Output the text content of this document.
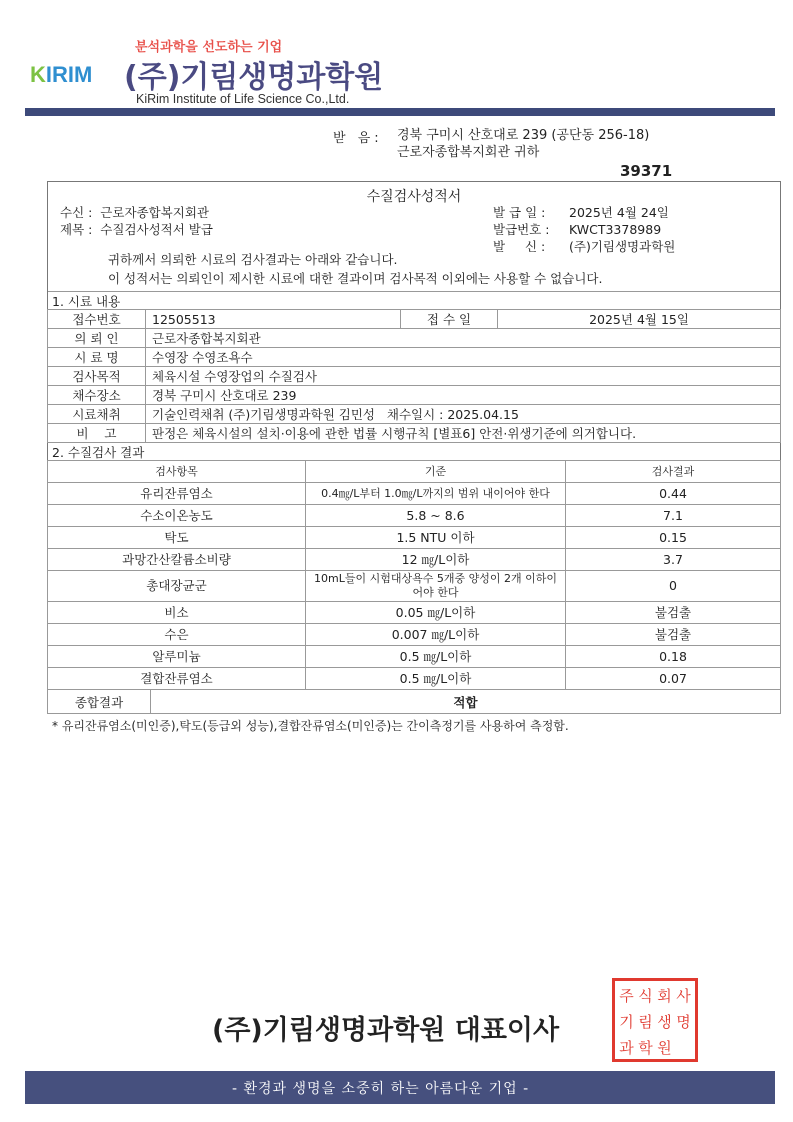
분석과학을 선도하는 기업
KIRIM (주)기림생명과학원
KiRim Institute of Life Science Co.,Ltd.
받 음: 경북 구미시 산호대로 239 (공단동 256-18)
근로자종합복지회관 귀하
39371
수질검사성적서
수신 : 근로자종합복지회관
제목 : 수질검사성적서 발급
발 급 일 : 2025년 4월 24일
발급번호 : KWCT3378989
발     신 : (주)기림생명과학원
귀하께서 의뢰한 시료의 검사결과는 아래와 같습니다.
이 성적서는 의뢰인이 제시한 시료에 대한 결과이며 검사목적 이외에는 사용할 수 없습니다.
1. 시료 내용
접수번호	12505513	접 수 일	2025년 4월 15일
의 뢰 인	근로자종합복지회관		
시 료 명	수영장 수영조욕수		
검사목적	체육시설 수영장업의 수질검사		
채수장소	경북 구미시 산호대로 239		
시료채취	기술인력채취 (주)기림생명과학원 김민성   채수일시 : 2025.04.15		
비    고	판정은 체육시설의 설치·이용에 관한 법률 시행규칙 [별표6] 안전·위생기준에 의거합니다.		
2. 수질검사 결과
검사항목	기준	검사결과
유리잔류염소	0.4㎎/L부터 1.0㎎/L까지의 범위 내이어야 한다	0.44
수소이온농도	5.8 ~ 8.6	7.1
탁도	1.5 NTU 이하	0.15
과망간산칼륨소비량	12 ㎎/L이하	3.7
총대장균군	10mL들이 시험대상욕수 5개중 양성이 2개 이하이어야 한다	0
비소	0.05 ㎎/L이하	불검출
수은	0.007 ㎎/L이하	불검출
알루미늄	0.5 ㎎/L이하	0.18
결합잔류염소	0.5 ㎎/L이하	0.07
종합결과	적합
* 유리잔류염소(미인증),탁도(등급외 성능),결합잔류염소(미인증)는 간이측정기를 사용하여 측정함.
(주)기림생명과학원 대표이사
주 식 회 사
기 림 생 명
과 학 원
- 환경과 생명을 소중히 하는 아름다운 기업 -
